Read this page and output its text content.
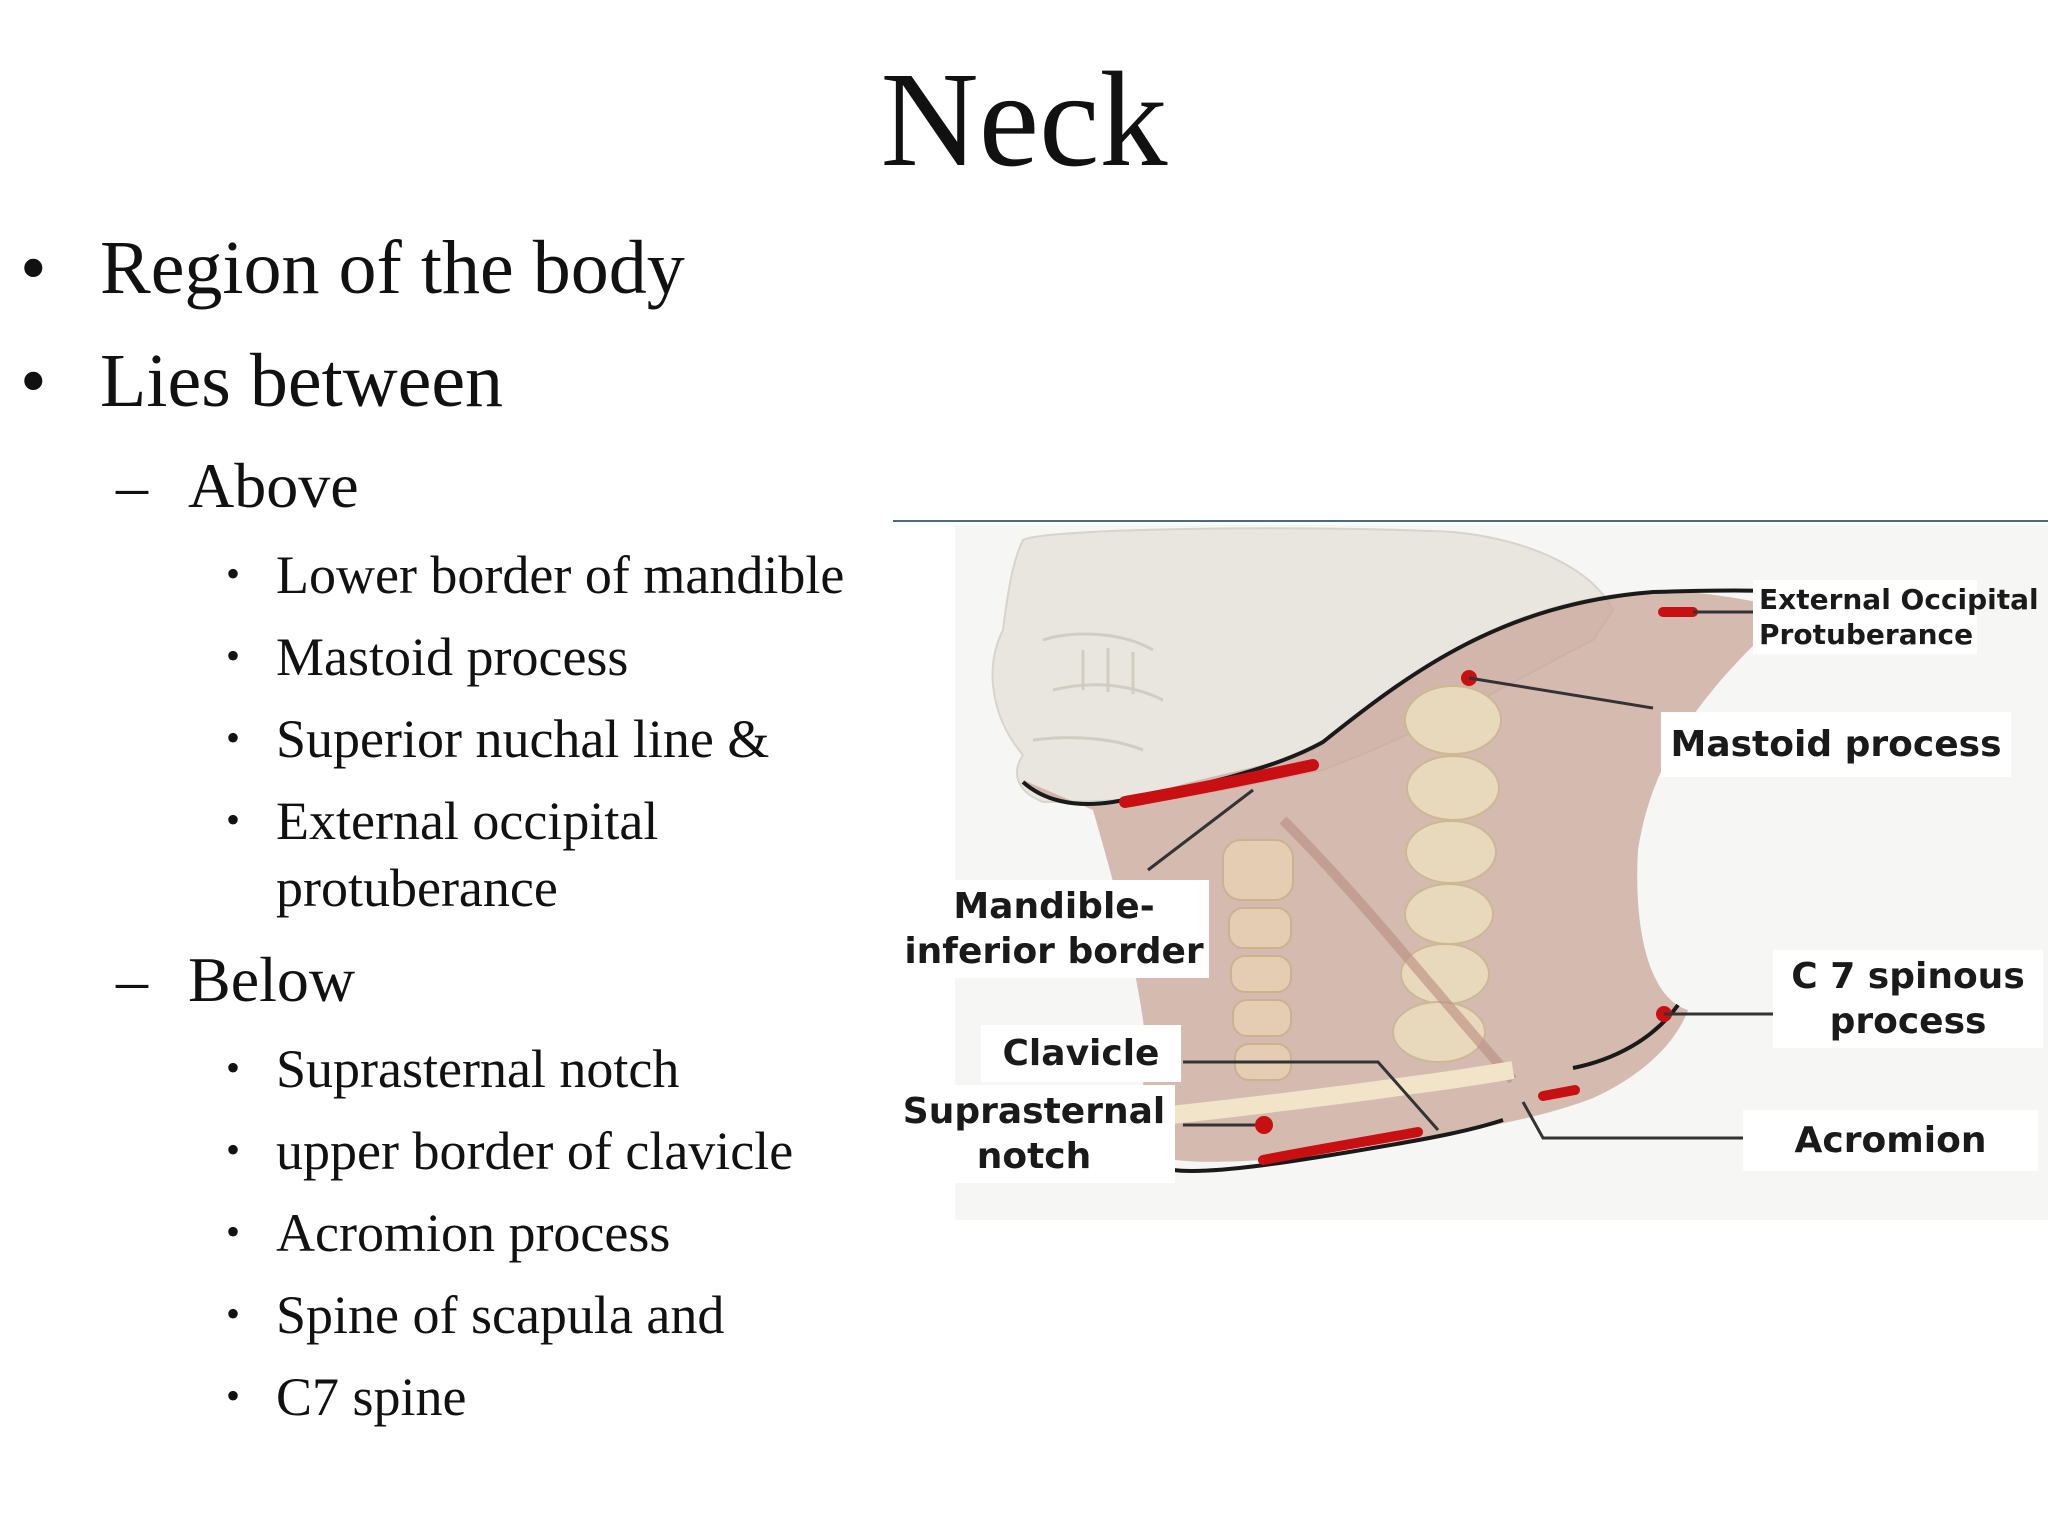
Neck
• Region of the body
• Lies between
– Above
• Lower border of mandible
• Mastoid process
• Superior nuchal line &
• External occipital
protuberance
– Below
• Suprasternal notch
• upper border of clavicle
• Acromion process
• Spine of scapula and
• C7 spine
External Occipital
Protuberance
Mastoid process
Mandible-
inferior border
C 7 spinous
process
Clavicle
Suprasternal
notch	Acromion
